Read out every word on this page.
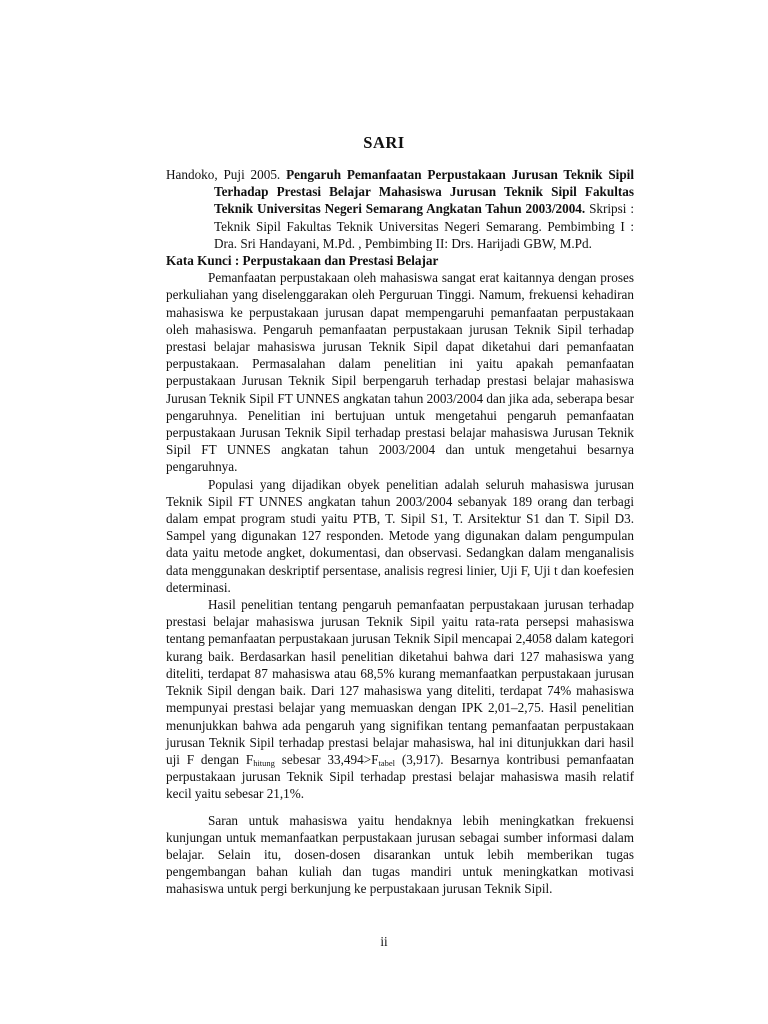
SARI

Handoko, Puji 2005. Pengaruh Pemanfaatan Perpustakaan Jurusan Teknik Sipil Terhadap Prestasi Belajar Mahasiswa Jurusan Teknik Sipil Fakultas Teknik Universitas Negeri Semarang Angkatan Tahun 2003/2004. Skripsi : Teknik Sipil Fakultas Teknik Universitas Negeri Semarang. Pembimbing I : Dra. Sri Handayani, M.Pd. , Pembimbing II: Drs. Harijadi GBW, M.Pd.

Kata Kunci : Perpustakaan dan Prestasi Belajar

Pemanfaatan perpustakaan oleh mahasiswa sangat erat kaitannya dengan proses perkuliahan yang diselenggarakan oleh Perguruan Tinggi. Namum, frekuensi kehadiran mahasiswa ke perpustakaan jurusan dapat mempengaruhi pemanfaatan perpustakaan oleh mahasiswa. Pengaruh pemanfaatan perpustakaan jurusan Teknik Sipil terhadap prestasi belajar mahasiswa jurusan Teknik Sipil dapat diketahui dari pemanfaatan perpustakaan. Permasalahan dalam penelitian ini yaitu apakah pemanfaatan perpustakaan Jurusan Teknik Sipil berpengaruh terhadap prestasi belajar mahasiswa Jurusan Teknik Sipil FT UNNES angkatan tahun 2003/2004 dan jika ada, seberapa besar pengaruhnya. Penelitian ini bertujuan untuk mengetahui pengaruh pemanfaatan perpustakaan Jurusan Teknik Sipil terhadap prestasi belajar mahasiswa Jurusan Teknik Sipil FT UNNES angkatan tahun 2003/2004 dan untuk mengetahui besarnya pengaruhnya.

Populasi yang dijadikan obyek penelitian adalah seluruh mahasiswa jurusan Teknik Sipil FT UNNES angkatan tahun 2003/2004 sebanyak 189 orang dan terbagi dalam empat program studi yaitu PTB, T. Sipil S1, T. Arsitektur S1 dan T. Sipil D3. Sampel yang digunakan 127 responden. Metode yang digunakan dalam pengumpulan data yaitu metode angket, dokumentasi, dan observasi. Sedangkan dalam menganalisis data menggunakan deskriptif persentase, analisis regresi linier, Uji F, Uji t dan koefesien determinasi.

Hasil penelitian tentang pengaruh pemanfaatan perpustakaan jurusan terhadap prestasi belajar mahasiswa jurusan Teknik Sipil yaitu rata-rata persepsi mahasiswa tentang pemanfaatan perpustakaan jurusan Teknik Sipil mencapai 2,4058 dalam kategori kurang baik. Berdasarkan hasil penelitian diketahui bahwa dari 127 mahasiswa yang diteliti, terdapat 87 mahasiswa atau 68,5% kurang memanfaatkan perpustakaan jurusan Teknik Sipil dengan baik. Dari 127 mahasiswa yang diteliti, terdapat 74% mahasiswa mempunyai prestasi belajar yang memuaskan dengan IPK 2,01–2,75. Hasil penelitian menunjukkan bahwa ada pengaruh yang signifikan tentang pemanfaatan perpustakaan jurusan Teknik Sipil terhadap prestasi belajar mahasiswa, hal ini ditunjukkan dari hasil uji F dengan $F_{hitung}$ sebesar $33,494>F_{tabel}$ (3,917). Besarnya kontribusi pemanfaatan perpustakaan jurusan Teknik Sipil terhadap prestasi belajar mahasiswa masih relatif kecil yaitu sebesar 21,1%.

Saran untuk mahasiswa yaitu hendaknya lebih meningkatkan frekuensi kunjungan untuk memanfaatkan perpustakaan jurusan sebagai sumber informasi dalam belajar. Selain itu, dosen-dosen disarankan untuk lebih memberikan tugas pengembangan bahan kuliah dan tugas mandiri untuk meningkatkan motivasi mahasiswa untuk pergi berkunjung ke perpustakaan jurusan Teknik Sipil.

ii
